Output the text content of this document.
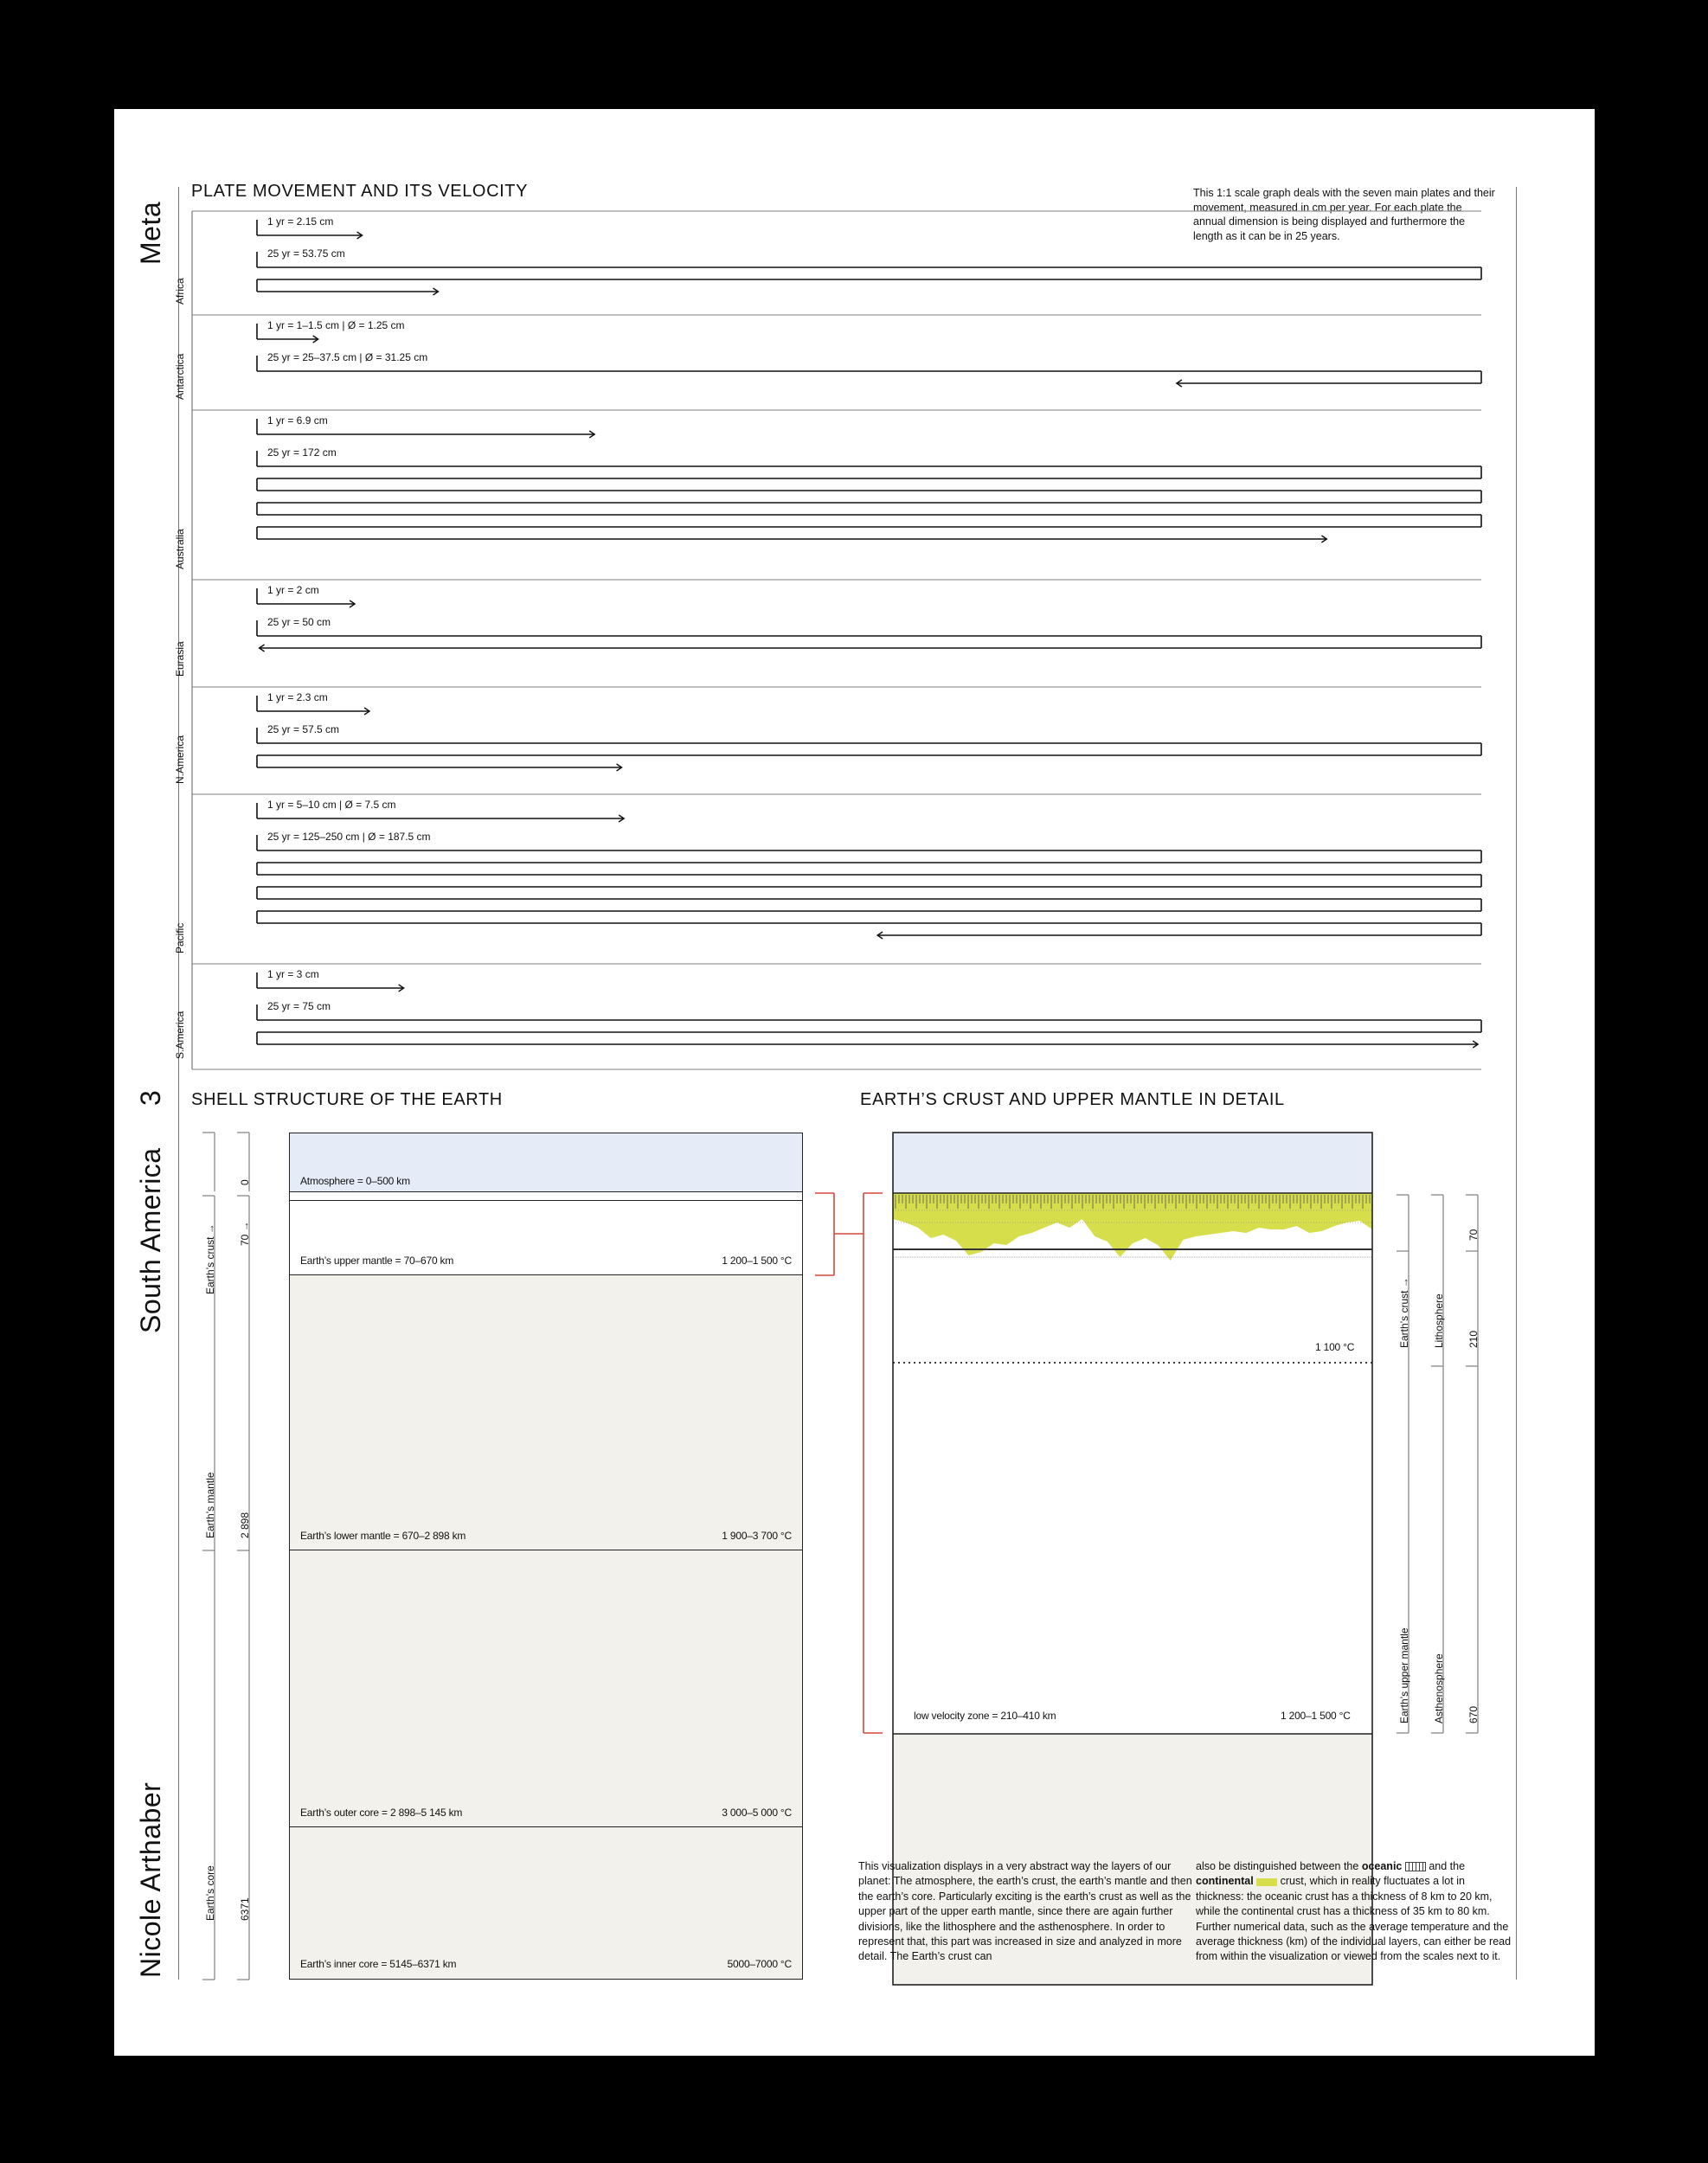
Meta
3
South America
Nicole Arthaber
PLATE MOVEMENT AND ITS VELOCITY	This 1:1 scale graph deals with the seven main plates and their movement, measured in cm per year. For each plate the annual dimension is being displayed and furthermore the length as it can be in 25 years.
Africa
1 yr = 2.15 cm
25 yr = 53.75 cm
Antarctica
1 yr = 1–1.5 cm | Ø = 1.25 cm
25 yr = 25–37.5 cm | Ø = 31.25 cm
Australia
1 yr = 6.9 cm
25 yr = 172 cm
Eurasia
1 yr = 2 cm
25 yr = 50 cm
N.America
1 yr = 2.3 cm
25 yr = 57.5 cm
Pacific
1 yr = 5–10 cm | Ø = 7.5 cm
25 yr = 125–250 cm | Ø = 187.5 cm
S.America
1 yr = 3 cm
25 yr = 75 cm
SHELL STRUCTURE OF THE EARTH
Earth’s crust →
Earth’s mantle
Earth’s core
0
70 →
2 898
6371
Atmosphere = 0–500 km
Earth’s upper mantle = 70–670 km	1 200–1 500 °C
Earth’s lower mantle = 670–2 898 km	1 900–3 700 °C
Earth’s outer core = 2 898–5 145 km	3 000–5 000 °C
Earth’s inner core = 5145–6371 km	5000–7000 °C
EARTH’S CRUST AND UPPER MANTLE IN DETAIL
1 100 °C
low velocity zone = 210–410 km	1 200–1 500 °C
Earth’s crust →
Earth’s upper mantle
Lithosphere
Asthenosphere
70
210
670
This visualization displays in a very abstract way the layers of our planet: The atmosphere, the earth’s crust, the earth’s mantle and then the earth’s core. Particularly exciting is the earth’s crust as well as the upper part of the upper earth mantle, since there are again further divisions, like the lithosphere and the asthenosphere. In order to represent that, this part was increased in size and analyzed in more detail. The Earth’s crust can
also be distinguished between the oceanic  and the continental  crust, which in reality fluctuates a lot in thickness: the oceanic crust has a thickness of 8 km to 20 km, while the continental crust has a thickness of 35 km to 80 km. Further numerical data, such as the average temperature and the average thickness (km) of the individual layers, can either be read from within the visualization or viewed from the scales next to it.
